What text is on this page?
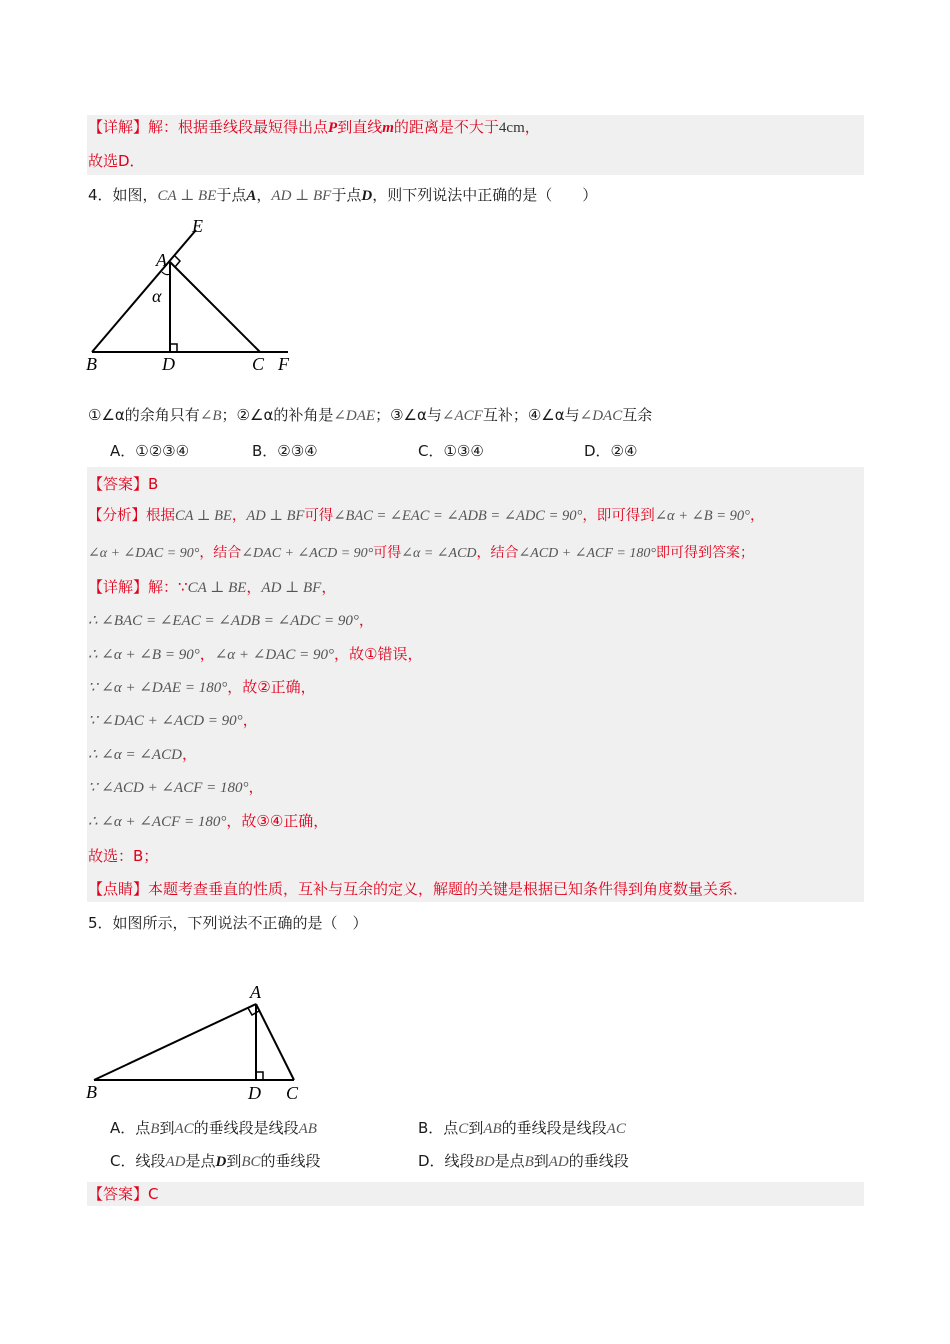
【详解】解：根据垂线段最短得出点P到直线m的距离是不大于4cm，
故选D．
4．如图，CA ⊥ BE于点A，AD ⊥ BF于点D，则下列说法中正确的是（　　）
E
A
α
B	D	C F
①∠α的余角只有∠B；②∠α的补角是∠DAE；③∠α与∠ACF互补；④∠α与∠DAC互余
A．①②③④	B．②③④	C．①③④	D．②④
【答案】B
【分析】根据CA ⊥ BE，AD ⊥ BF可得∠BAC = ∠EAC = ∠ADB = ∠ADC = 90°，即可得到∠α + ∠B = 90°，
∠α + ∠DAC = 90°，结合∠DAC + ∠ACD = 90°可得∠α = ∠ACD，结合∠ACD + ∠ACF = 180°即可得到答案；
【详解】解：∵CA ⊥ BE，AD ⊥ BF，
∴ ∠BAC = ∠EAC = ∠ADB = ∠ADC = 90°，
∴ ∠α + ∠B = 90°，∠α + ∠DAC = 90°，故①错误，
∵ ∠α + ∠DAE = 180°，故②正确，
∵ ∠DAC + ∠ACD = 90°，
∴ ∠α = ∠ACD，
∵ ∠ACD + ∠ACF = 180°，
∴ ∠α + ∠ACF = 180°，故③④正确，
故选：B；
【点睛】本题考查垂直的性质，互补与互余的定义，解题的关键是根据已知条件得到角度数量关系．
5．如图所示，下列说法不正确的是（　）
A
B	D C
A．点B到AC的垂线段是线段AB	B．点C到AB的垂线段是线段AC
C．线段AD是点D到BC的垂线段	D．线段BD是点B到AD的垂线段
【答案】C
